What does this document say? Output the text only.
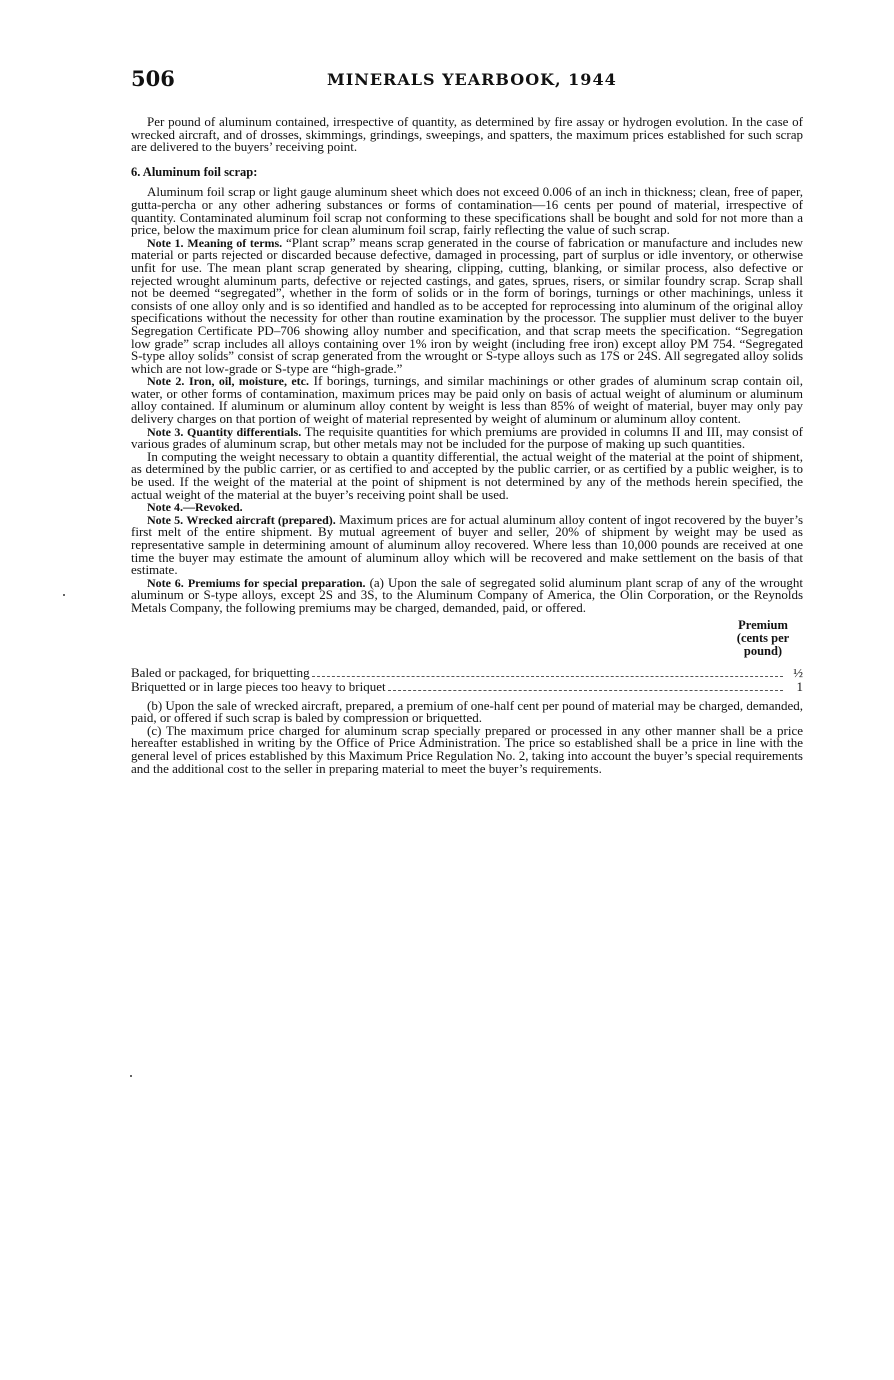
506	MINERALS YEARBOOK, 1944

Per pound of aluminum contained, irrespective of quantity, as determined by fire assay or hydrogen evolution. In the case of wrecked aircraft, and of drosses, skimmings, grindings, sweepings, and spatters, the maximum prices established for such scrap are delivered to the buyers’ receiving point.

6. Aluminum foil scrap:

Aluminum foil scrap or light gauge aluminum sheet which does not exceed 0.006 of an inch in thickness; clean, free of paper, gutta-percha or any other adhering substances or forms of contamination—16 cents per pound of material, irrespective of quantity. Contaminated aluminum foil scrap not conforming to these specifications shall be bought and sold for not more than a price, below the maximum price for clean aluminum foil scrap, fairly reflecting the value of such scrap.

Note 1. Meaning of terms. “Plant scrap” means scrap generated in the course of fabrication or manufacture and includes new material or parts rejected or discarded because defective, damaged in processing, part of surplus or idle inventory, or otherwise unfit for use. The mean plant scrap generated by shearing, clipping, cutting, blanking, or similar process, also defective or rejected wrought aluminum parts, defective or rejected castings, and gates, sprues, risers, or similar foundry scrap. Scrap shall not be deemed “segregated”, whether in the form of solids or in the form of borings, turnings or other machinings, unless it consists of one alloy only and is so identified and handled as to be accepted for reprocessing into aluminum of the original alloy specifications without the necessity for other than routine examination by the processor. The supplier must deliver to the buyer Segregation Certificate PD–706 showing alloy number and specification, and that scrap meets the specification. “Segregation low grade” scrap includes all alloys containing over 1% iron by weight (including free iron) except alloy PM 754. “Segregated S-type alloy solids” consist of scrap generated from the wrought or S-type alloys such as 17S or 24S. All segregated alloy solids which are not low-grade or S-type are “high-grade.”

Note 2. Iron, oil, moisture, etc. If borings, turnings, and similar machinings or other grades of aluminum scrap contain oil, water, or other forms of contamination, maximum prices may be paid only on basis of actual weight of aluminum or aluminum alloy contained. If aluminum or aluminum alloy content by weight is less than 85% of weight of material, buyer may only pay delivery charges on that portion of weight of material represented by weight of aluminum or aluminum alloy content.

Note 3. Quantity differentials. The requisite quantities for which premiums are provided in columns II and III, may consist of various grades of aluminum scrap, but other metals may not be included for the purpose of making up such quantities.

In computing the weight necessary to obtain a quantity differential, the actual weight of the material at the point of shipment, as determined by the public carrier, or as certified to and accepted by the public carrier, or as certified by a public weigher, is to be used. If the weight of the material at the point of shipment is not determined by any of the methods herein specified, the actual weight of the material at the buyer’s receiving point shall be used.

Note 4.—Revoked.

Note 5. Wrecked aircraft (prepared). Maximum prices are for actual aluminum alloy content of ingot recovered by the buyer’s first melt of the entire shipment. By mutual agreement of buyer and seller, 20% of shipment by weight may be used as representative sample in determining amount of aluminum alloy recovered. Where less than 10,000 pounds are received at one time the buyer may estimate the amount of aluminum alloy which will be recovered and make settlement on the basis of that estimate.

Note 6. Premiums for special preparation. (a) Upon the sale of segregated solid aluminum plant scrap of any of the wrought aluminum or S-type alloys, except 2S and 3S, to the Aluminum Company of America, the Olin Corporation, or the Reynolds Metals Company, the following premiums may be charged, demanded, paid, or offered.

Premium
(cents per
pound)
Baled or packaged, for briquetting	½
Briquetted or in large pieces too heavy to briquet	1

(b) Upon the sale of wrecked aircraft, prepared, a premium of one-half cent per pound of material may be charged, demanded, paid, or offered if such scrap is baled by compression or briquetted.

(c) The maximum price charged for aluminum scrap specially prepared or processed in any other manner shall be a price hereafter established in writing by the Office of Price Administration. The price so established shall be a price in line with the general level of prices established by this Maximum Price Regulation No. 2, taking into account the buyer’s special requirements and the additional cost to the seller in preparing material to meet the buyer’s requirements.
